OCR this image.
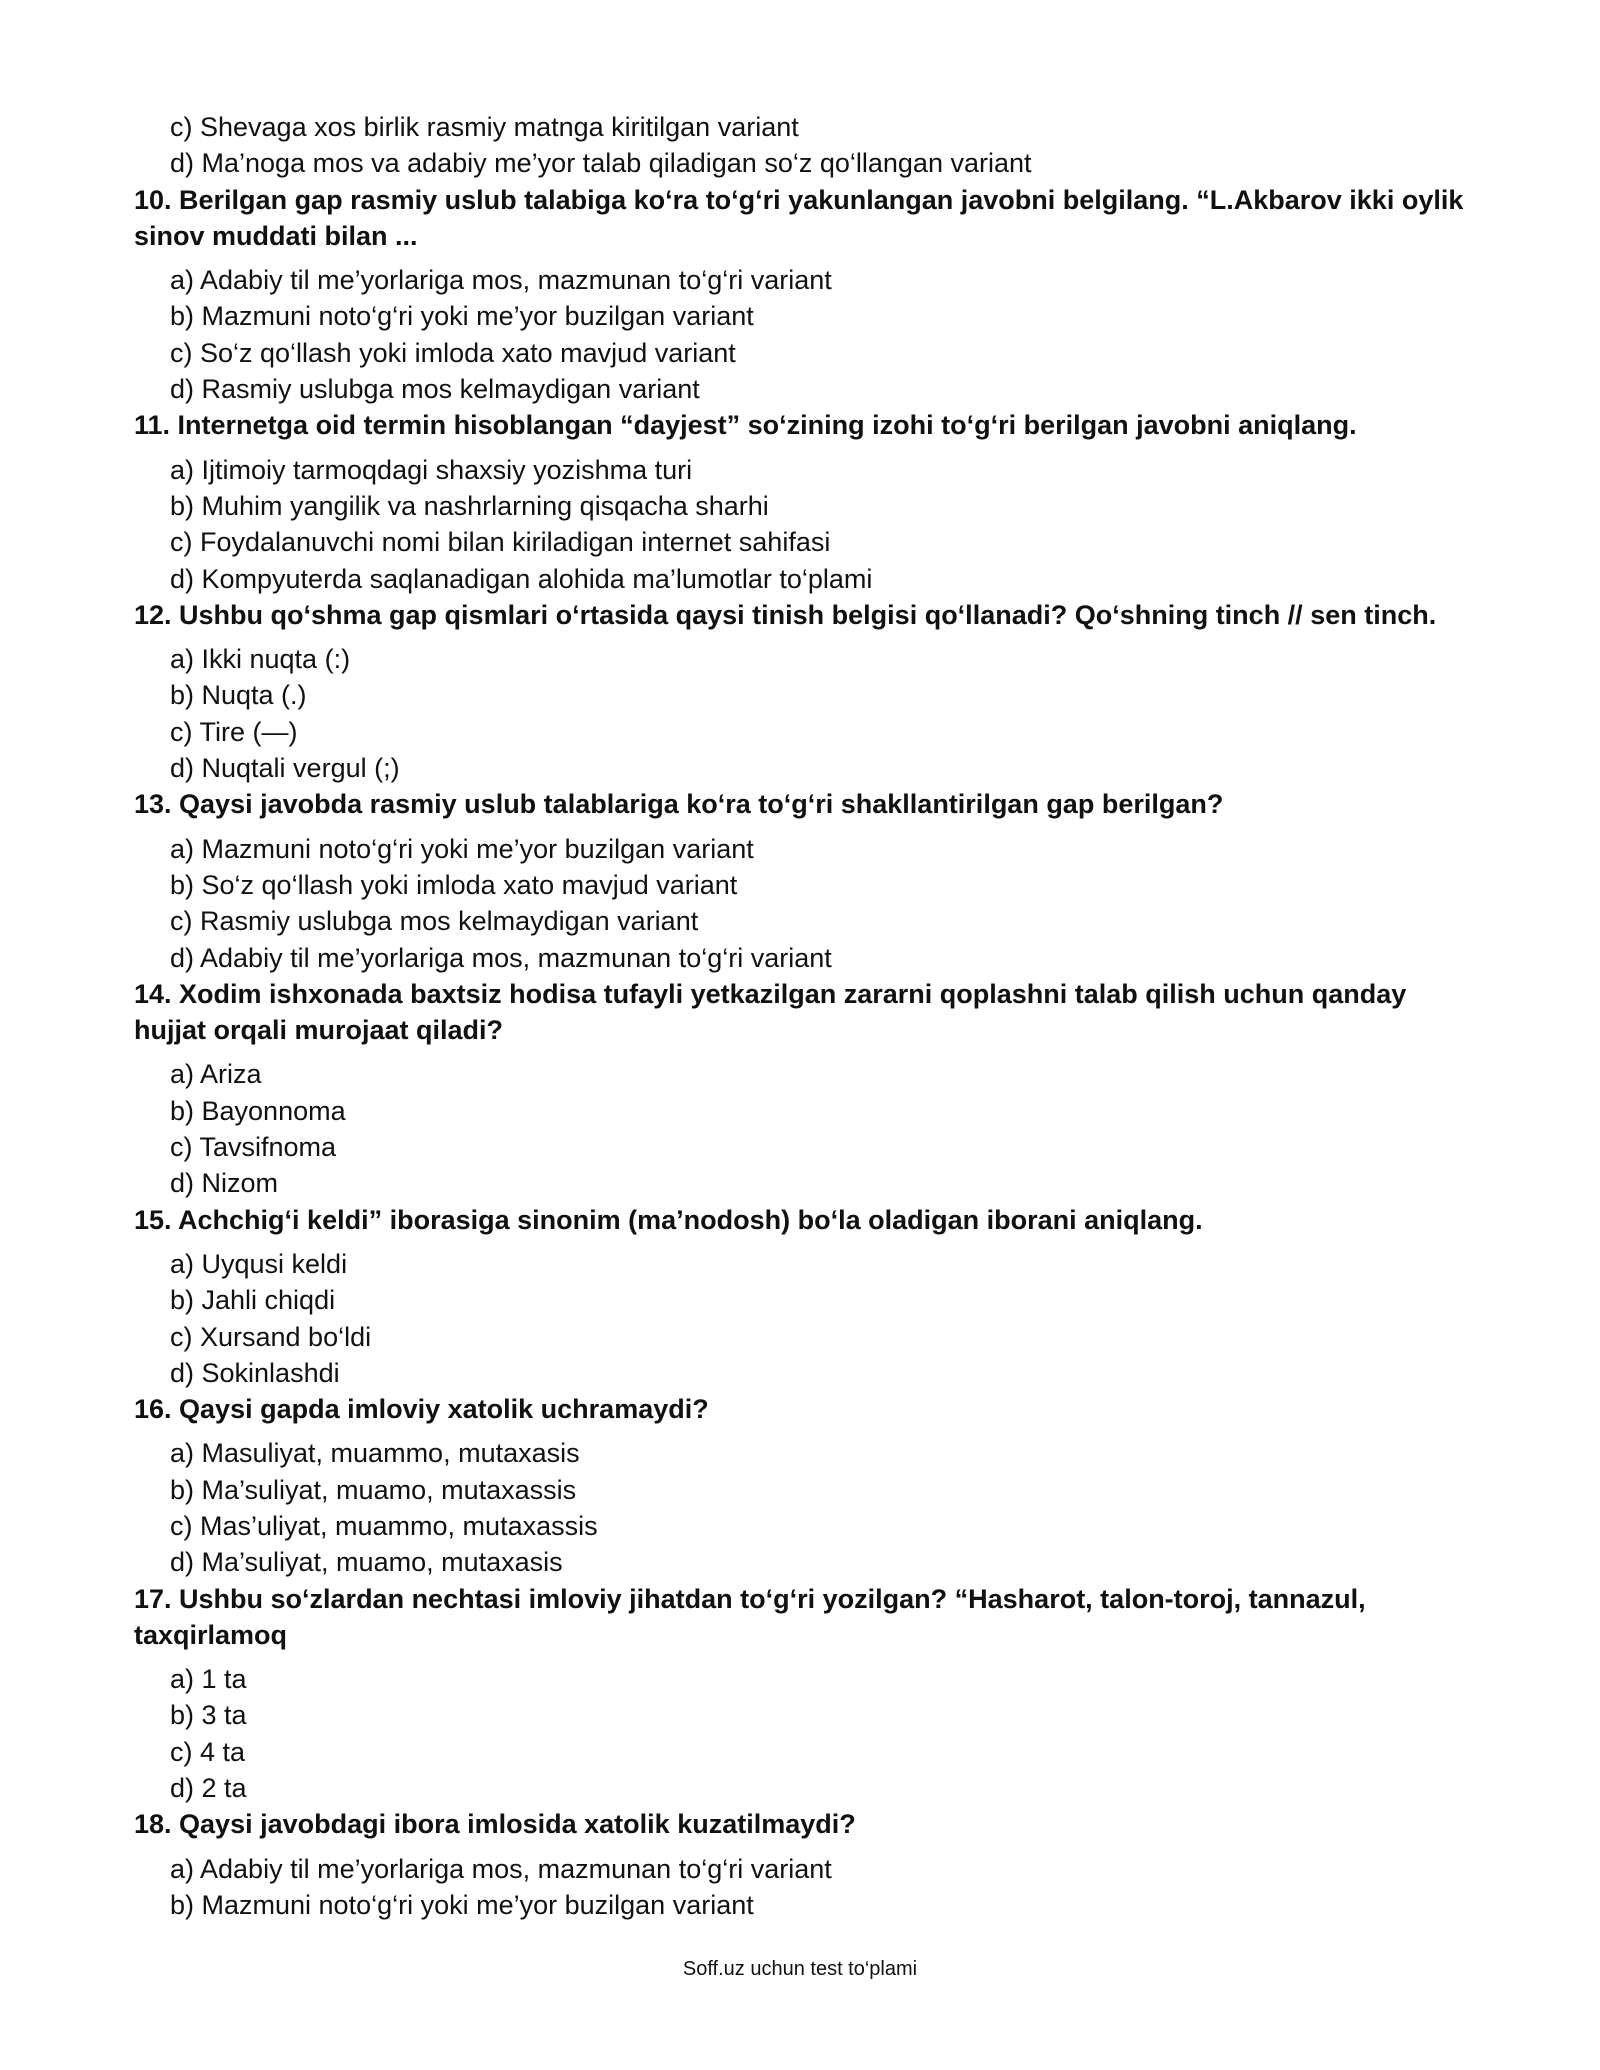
c) Shevaga xos birlik rasmiy matnga kiritilgan variant
d) Ma’noga mos va adabiy me’yor talab qiladigan so‘z qo‘llangan variant
10. Berilgan gap rasmiy uslub talabiga ko‘ra to‘g‘ri yakunlangan javobni belgilang. “L.Akbarov ikki oylik sinov muddati bilan ...
a) Adabiy til me’yorlariga mos, mazmunan to‘g‘ri variant
b) Mazmuni noto‘g‘ri yoki me’yor buzilgan variant
c) So‘z qo‘llash yoki imloda xato mavjud variant
d) Rasmiy uslubga mos kelmaydigan variant
11. Internetga oid termin hisoblangan “dayjest” so‘zining izohi to‘g‘ri berilgan javobni aniqlang.
a) Ijtimoiy tarmoqdagi shaxsiy yozishma turi
b) Muhim yangilik va nashrlarning qisqacha sharhi
c) Foydalanuvchi nomi bilan kiriladigan internet sahifasi
d) Kompyuterda saqlanadigan alohida ma’lumotlar to‘plami
12. Ushbu qo‘shma gap qismlari o‘rtasida qaysi tinish belgisi qo‘llanadi? Qo‘shning tinch // sen tinch.
a) Ikki nuqta (:)
b) Nuqta (.)
c) Tire (—)
d) Nuqtali vergul (;)
13. Qaysi javobda rasmiy uslub talablariga ko‘ra to‘g‘ri shakllantirilgan gap berilgan?
a) Mazmuni noto‘g‘ri yoki me’yor buzilgan variant
b) So‘z qo‘llash yoki imloda xato mavjud variant
c) Rasmiy uslubga mos kelmaydigan variant
d) Adabiy til me’yorlariga mos, mazmunan to‘g‘ri variant
14. Xodim ishxonada baxtsiz hodisa tufayli yetkazilgan zararni qoplashni talab qilish uchun qanday hujjat orqali murojaat qiladi?
a) Ariza
b) Bayonnoma
c) Tavsifnoma
d) Nizom
15. Achchig‘i keldi” iborasiga sinonim (ma’nodosh) bo‘la oladigan iborani aniqlang.
a) Uyqusi keldi
b) Jahli chiqdi
c) Xursand bo‘ldi
d) Sokinlashdi
16. Qaysi gapda imloviy xatolik uchramaydi?
a) Masuliyat, muammo, mutaxasis
b) Ma’suliyat, muamo, mutaxassis
c) Mas’uliyat, muammo, mutaxassis
d) Ma’suliyat, muamo, mutaxasis
17. Ushbu so‘zlardan nechtasi imloviy jihatdan to‘g‘ri yozilgan? “Hasharot, talon-toroj, tannazul, taxqirlamoq
a) 1 ta
b) 3 ta
c) 4 ta
d) 2 ta
18. Qaysi javobdagi ibora imlosida xatolik kuzatilmaydi?
a) Adabiy til me’yorlariga mos, mazmunan to‘g‘ri variant
b) Mazmuni noto‘g‘ri yoki me’yor buzilgan variant
Soff.uz uchun test to‘plami
